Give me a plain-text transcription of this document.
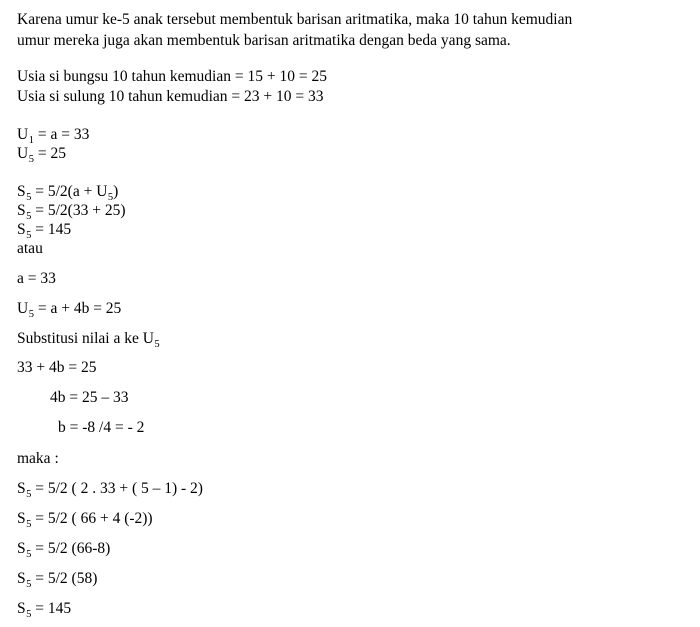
Karena umur ke-5 anak tersebut membentuk barisan aritmatika, maka 10 tahun kemudian
umur mereka juga akan membentuk barisan aritmatika dengan beda yang sama.
Usia si bungsu 10 tahun kemudian = 15 + 10 = 25
Usia si sulung 10 tahun kemudian = 23 + 10 = 33
$U_1 = a = 33$
$U_5 = 25$
$S_5 = 5/2(a + U_5)$
$S_5 = 5/2(33 + 25)$
$S_5 = 145$
atau
a = 33
$U_5 = a + 4b = 25$
Substitusi nilai a ke $U_5$
33 + 4b = 25
4b = 25 – 33
b = -8 /4 = - 2
maka :
$S_5 = 5/2$ ( 2 . 33 + ( 5 – 1) - 2)
$S_5 = 5/2$ ( 66 + 4 (-2))
$S_5 = 5/2$ (66-8)
$S_5 = 5/2$ (58)
$S_5 = 145$
